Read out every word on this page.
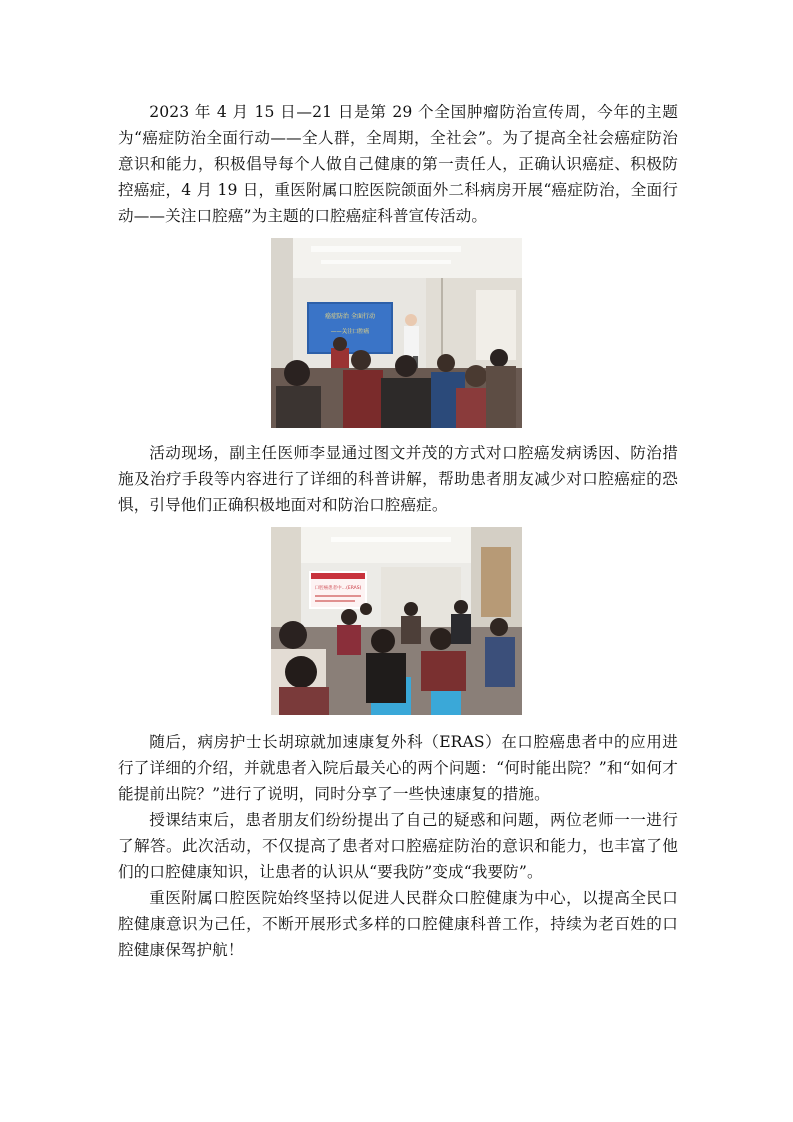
2023 年 4 月 15 日—21 日是第 29 个全国肿瘤防治宣传周，今年的主题为“癌症防治全面行动——全人群，全周期，全社会”。为了提高全社会癌症防治意识和能力，积极倡导每个人做自己健康的第一责任人，正确认识癌症、积极防控癌症，4 月 19 日，重医附属口腔医院颌面外二科病房开展“癌症防治，全面行动——关注口腔癌”为主题的口腔癌症科普宣传活动。

癌症防治 全面行动
——关注口腔癌

活动现场，副主任医师李显通过图文并茂的方式对口腔癌发病诱因、防治措施及治疗手段等内容进行了详细的科普讲解，帮助患者朋友减少对口腔癌症的恐惧，引导他们正确积极地面对和防治口腔癌症。

口腔癌患者中…(ERAS)

随后，病房护士长胡琼就加速康复外科（ERAS）在口腔癌患者中的应用进行了详细的介绍，并就患者入院后最关心的两个问题：“何时能出院？”和“如何才能提前出院？”进行了说明，同时分享了一些快速康复的措施。

授课结束后，患者朋友们纷纷提出了自己的疑惑和问题，两位老师一一进行了解答。此次活动，不仅提高了患者对口腔癌症防治的意识和能力，也丰富了他们的口腔健康知识，让患者的认识从“要我防”变成“我要防”。

重医附属口腔医院始终坚持以促进人民群众口腔健康为中心，以提高全民口腔健康意识为己任，不断开展形式多样的口腔健康科普工作，持续为老百姓的口腔健康保驾护航！
